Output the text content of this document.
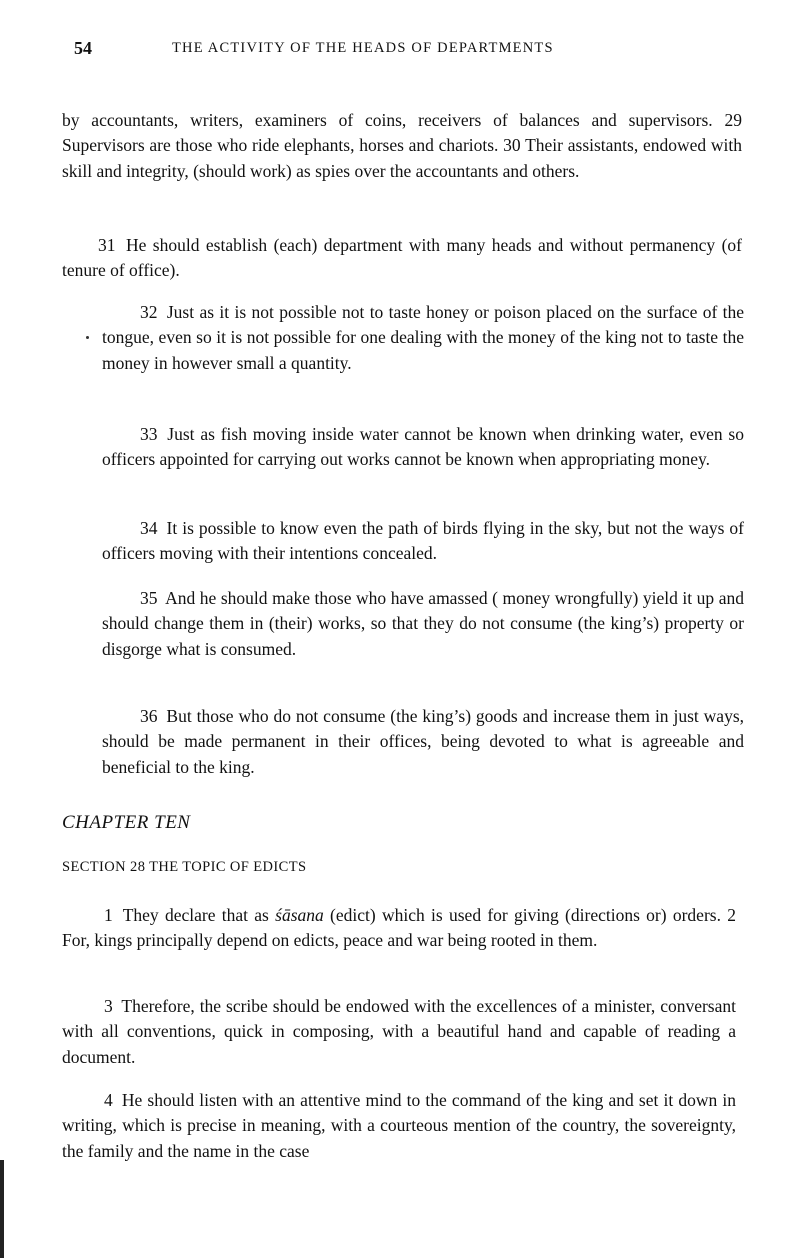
54	THE ACTIVITY OF THE HEADS OF DEPARTMENTS

by accountants, writers, examiners of coins, receivers of balances and supervisors. 29 Supervisors are those who ride elephants, horses and chariots. 30 Their assistants, endowed with skill and integrity, (should work) as spies over the accountants and others.

31 He should establish (each) department with many heads and without permanency (of tenure of office).

32 Just as it is not possible not to taste honey or poison placed on the surface of the tongue, even so it is not possible for one dealing with the money of the king not to taste the money in however small a quantity.

33 Just as fish moving inside water cannot be known when drinking water, even so officers appointed for carrying out works cannot be known when appropriating money.

34 It is possible to know even the path of birds flying in the sky, but not the ways of officers moving with their intentions concealed.

35 And he should make those who have amassed ( money wrongfully) yield it up and should change them in (their) works, so that they do not consume (the king’s) property or disgorge what is consumed.

36 But those who do not consume (the king’s) goods and increase them in just ways, should be made permanent in their offices, being devoted to what is agreeable and beneficial to the king.

CHAPTER TEN
SECTION 28 THE TOPIC OF EDICTS

1 They declare that as śāsana (edict) which is used for giving (directions or) orders. 2 For, kings principally depend on edicts, peace and war being rooted in them.

3 Therefore, the scribe should be endowed with the excellences of a minister, conversant with all conventions, quick in composing, with a beautiful hand and capable of reading a document.

4 He should listen with an attentive mind to the command of the king and set it down in writing, which is precise in meaning, with a courteous mention of the country, the sovereignty, the family and the name in the case
